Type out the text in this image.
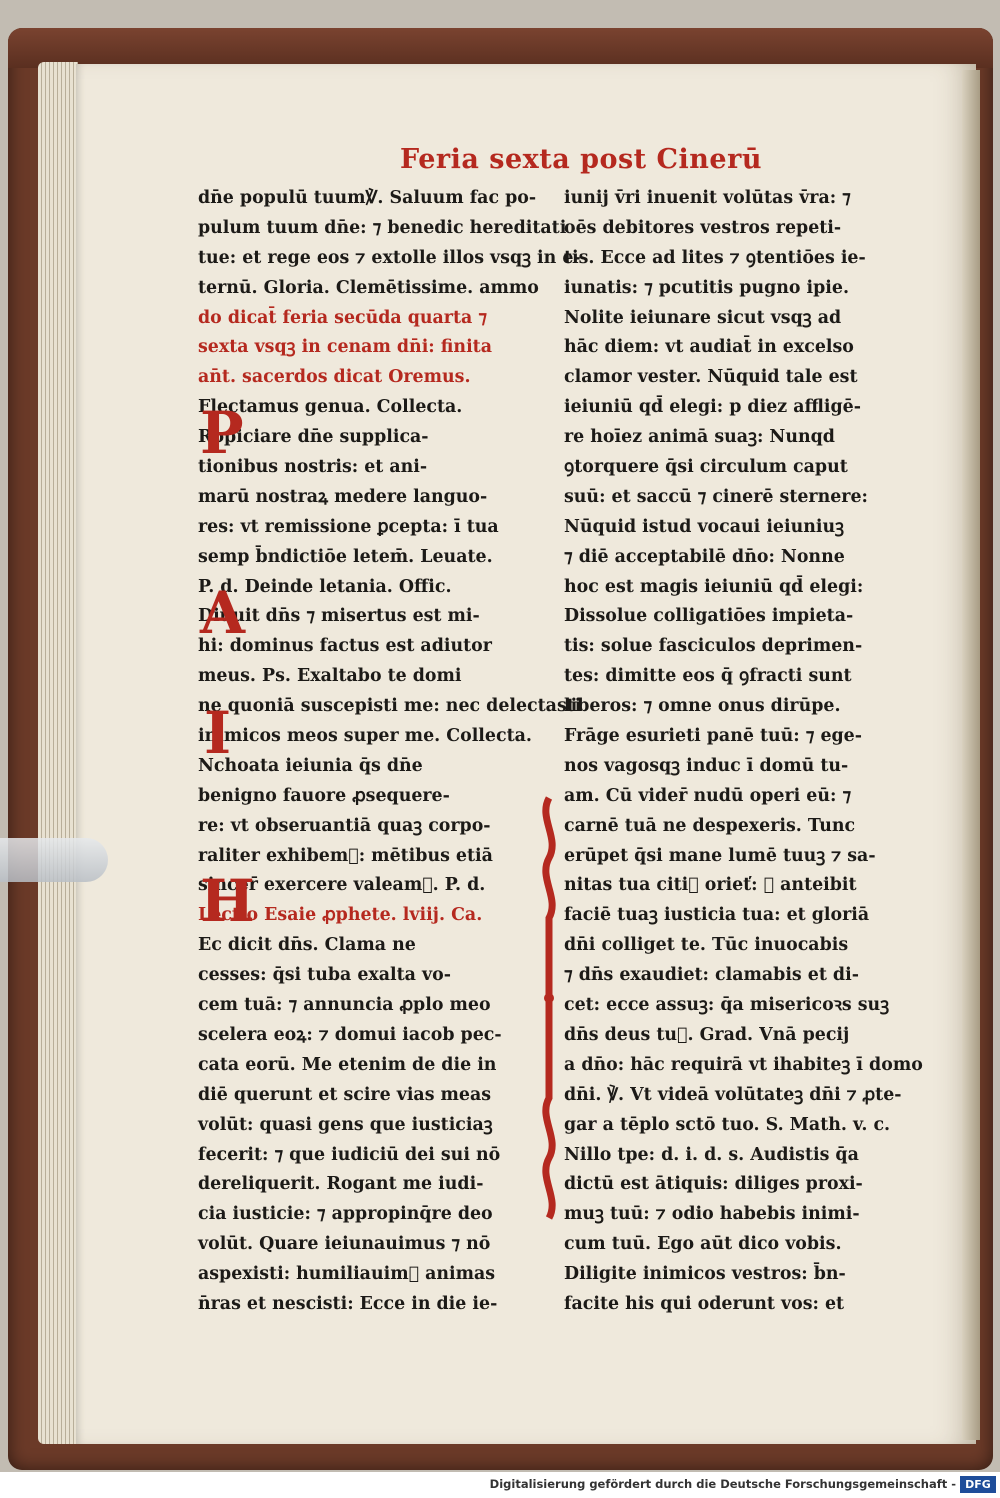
Feria sexta post Cinerū
dn̄e populū tuum℣. Saluum fac po-
pulum tuum dn̄e: ⁊ benedic hereditati
tue: et rege eos ⁊ extolle illos vsqꝫ in e-
ternū. Gloria. Clemētissime. ammo
do dicat̄ feria secūda quarta ⁊
sexta vsqꝫ in cenam dn̄i: finita
an̄t. sacerdos dicat Oremus.
Flectamus genua. Collecta.
Ropiciare dn̄e supplica-
tionibus nostris: et ani-
marū nostraꝝ medere languo-
res: vt remissione ꝑcepta: ī tua
semp b̄ndictiōe letem̄. Leuate.
P. d. Deinde letania. Offic.
Diuuit dn̄s ⁊ misertus est mi-
hi: dominus factus est adiutor
meus. Ps. Exaltabo te domi
ne quoniā suscepisti me: nec delectasti
inimicos meos super me. Collecta.
Nchoata ieiunia q̄s dn̄e
benigno fauore ꝓsequere-
re: vt obseruantiā quaꝫ corpo-
raliter exhibem᷒: mētibus etiā
sincer̄ exercere valeam᷒. P. d.
Lectio Esaie ꝓphete. lviij. Ca.
Ec dicit dn̄s. Clama ne
cesses: q̄si tuba exalta vo-
cem tuā: ⁊ annuncia ꝓplo meo
scelera eoꝝ: ⁊ domui iacob pec-
cata eorū. Me etenim de die in
diē querunt et scire vias meas
volūt: quasi gens que iusticiaꝫ
fecerit: ⁊ que iudiciū dei sui nō
dereliquerit. Rogant me iudi-
cia iusticie: ⁊ appropinq̄re deo
volūt. Quare ieiunauimus ⁊ nō
aspexisti: humiliauim᷒ animas
n̄ras et nescisti: Ecce in die ie-
iunij v̄ri inuenit volūtas v̄ra: ⁊
oēs debitores vestros repeti-
tis. Ecce ad lites ⁊ ꝯtentiōes ie-
iunatis: ⁊ pcutitis pugno ipie.
Nolite ieiunare sicut vsqꝫ ad
hāc diem: vt audiat̄ in excelso
clamor vester. Nūquid tale est
ieiuniū qd̄ elegi: p diez affligē-
re hoīez animā suaꝫ: Nunqd
ꝯtorquere q̄si circulum caput
suū: et saccū ⁊ cinerē sternere:
Nūquid istud vocaui ieiuniuꝫ
⁊ diē acceptabilē dn̄o: Nonne
hoc est magis ieiuniū qd̄ elegi:
Dissolue colligatiōes impieta-
tis: solue fasciculos deprimen-
tes: dimitte eos q̄ ꝯfracti sunt
liberos: ⁊ omne onus dirūpe.
Frāge esurieti panē tuū: ⁊ ege-
nos vagosqꝫ induc ī domū tu-
am. Cū vider̄ nudū operi eū: ⁊
carnē tuā ne despexeris. Tunc
erūpet q̄si mane lumē tuuꝫ ⁊ sa-
nitas tua citi᷒ orieť: ⁊ anteibit
faciē tuaꝫ iusticia tua: et gloriā
dn̄i colliget te. Tūc inuocabis
⁊ dn̄s exaudiet: clamabis et di-
cet: ecce assuꝫ: q̄a misericoꝛs suꝫ
dn̄s deus tu᷒. Grad. Vnā pecij
a dn̄o: hāc requirā vt ihabiteꝫ ī domo
dn̄i. ℣. Vt videā volūtateꝫ dn̄i ⁊ ꝓte-
gar a tēplo sctō tuo. S. Math. v. c.
Nillo tpe: d. i. d. s. Audistis q̄a
dictū est ātiquis: diliges proxi-
muꝫ tuū: ⁊ odio habebis inimi-
cum tuū. Ego aūt dico vobis.
Diligite inimicos vestros: b̄n-
facite his qui oderunt vos: et
P
A
I
H
Digitalisierung gefördert durch die Deutsche Forschungsgemeinschaft - DFG
